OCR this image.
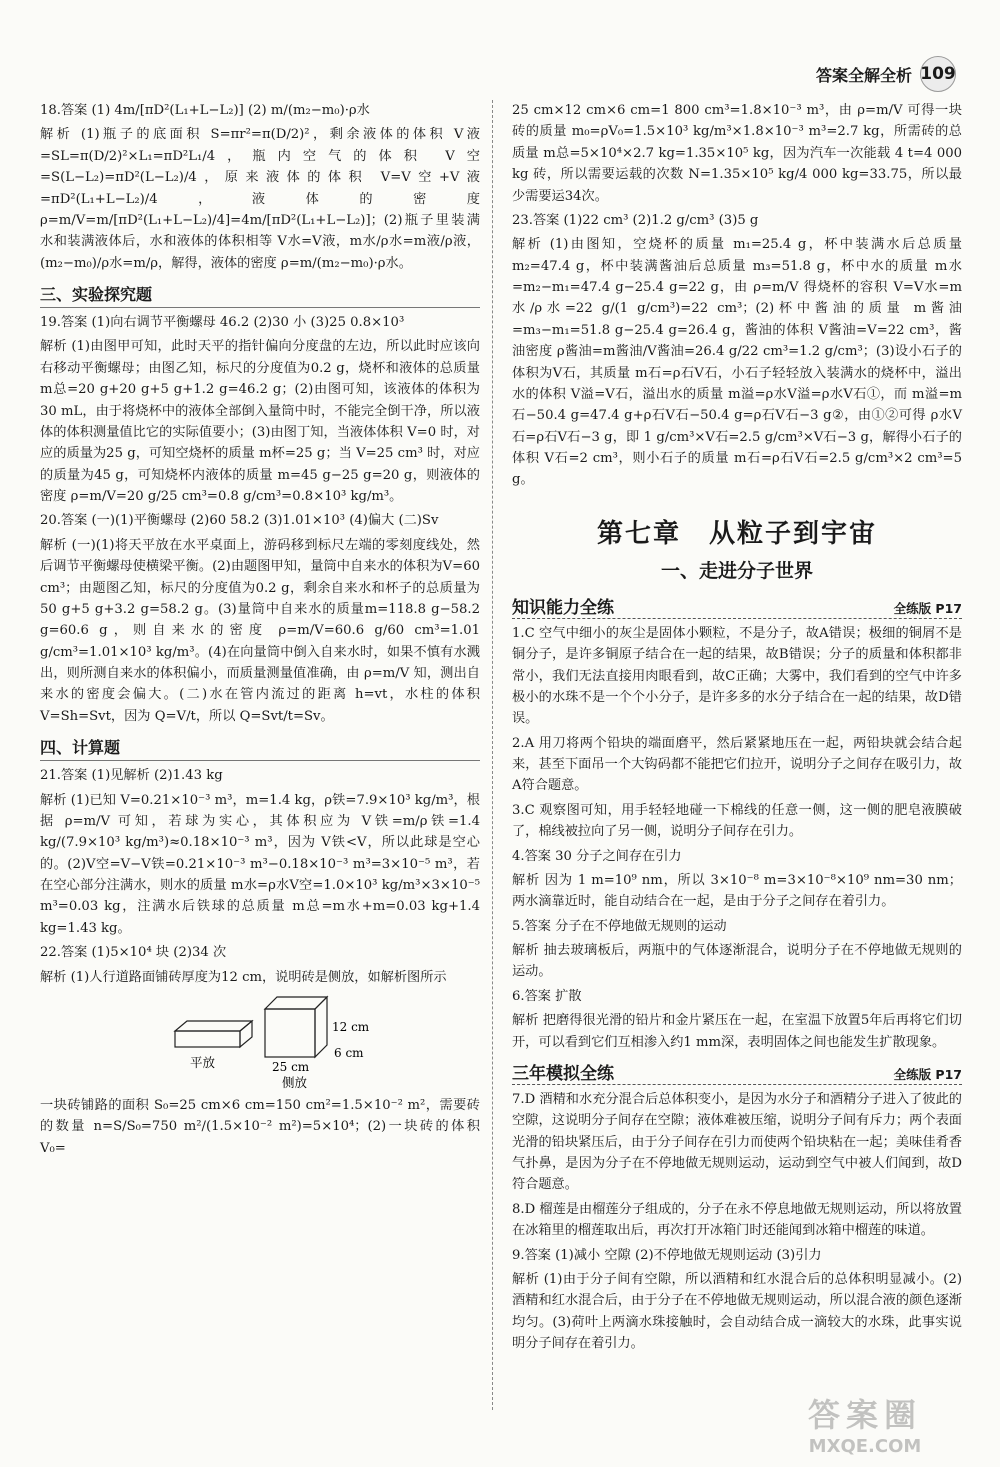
答案全解全析 109

18.答案 (1) 4m/[πD²(L₁+L−L₂)] (2) m/(m₂−m₀)·ρ水

解析 (1)瓶子的底面积 S=πr²=π(D/2)²，剩余液体的体积 V液=SL=π(D/2)²×L₁=πD²L₁/4，瓶内空气的体积 V空=S(L−L₂)=πD²(L−L₂)/4，原来液体的体积 V=V空+V液=πD²(L₁+L−L₂)/4，液体的密度 ρ=m/V=m/[πD²(L₁+L−L₂)/4]=4m/[πD²(L₁+L−L₂)]；(2)瓶子里装满水和装满液体后，水和液体的体积相等 V水=V液，m水/ρ水=m液/ρ液，(m₂−m₀)/ρ水=m/ρ，解得，液体的密度 ρ=m/(m₂−m₀)·ρ水。

三、实验探究题

19.答案 (1)向右调节平衡螺母 46.2 (2)30 小 (3)25 0.8×10³

解析 (1)由图甲可知，此时天平的指针偏向分度盘的左边，所以此时应该向右移动平衡螺母；由图乙知，标尺的分度值为0.2 g，烧杯和液体的总质量 m总=20 g+20 g+5 g+1.2 g=46.2 g；(2)由图可知，该液体的体积为30 mL，由于将烧杯中的液体全部倒入量筒中时，不能完全倒干净，所以液体的体积测量值比它的实际值要小；(3)由图丁知，当液体体积 V=0 时，对应的质量为25 g，可知空烧杯的质量 m杯=25 g；当 V=25 cm³ 时，对应的质量为45 g，可知烧杯内液体的质量 m=45 g−25 g=20 g，则液体的密度 ρ=m/V=20 g/25 cm³=0.8 g/cm³=0.8×10³ kg/m³。

20.答案 (一)(1)平衡螺母 (2)60 58.2 (3)1.01×10³ (4)偏大 (二)Sv

解析 (一)(1)将天平放在水平桌面上，游码移到标尺左端的零刻度线处，然后调节平衡螺母使横梁平衡。(2)由题图甲知，量筒中自来水的体积为V=60 cm³；由题图乙知，标尺的分度值为0.2 g，剩余自来水和杯子的总质量为50 g+5 g+3.2 g=58.2 g。(3)量筒中自来水的质量m=118.8 g−58.2 g=60.6 g，则自来水的密度 ρ=m/V=60.6 g/60 cm³=1.01 g/cm³=1.01×10³ kg/m³。(4)在向量筒中倒入自来水时，如果不慎有水溅出，则所测自来水的体积偏小，而质量测量值准确，由 ρ=m/V 知，测出自来水的密度会偏大。(二)水在管内流过的距离 h=vt，水柱的体积 V=Sh=Svt，因为 Q=V/t，所以 Q=Svt/t=Sv。

四、计算题

21.答案 (1)见解析 (2)1.43 kg

解析 (1)已知 V=0.21×10⁻³ m³，m=1.4 kg，ρ铁=7.9×10³ kg/m³，根据 ρ=m/V 可知，若球为实心，其体积应为 V铁=m/ρ铁=1.4 kg/(7.9×10³ kg/m³)≈0.18×10⁻³ m³，因为 V铁<V，所以此球是空心的。(2)V空=V−V铁=0.21×10⁻³ m³−0.18×10⁻³ m³=3×10⁻⁵ m³，若在空心部分注满水，则水的质量 m水=ρ水V空=1.0×10³ kg/m³×3×10⁻⁵ m³=0.03 kg，注满水后铁球的总质量 m总=m水+m=0.03 kg+1.4 kg=1.43 kg。

22.答案 (1)5×10⁴ 块 (2)34 次

解析 (1)人行道路面铺砖厚度为12 cm，说明砖是侧放，如解析图所示

12 cm
6 cm
25 cm
平放
侧放

一块砖铺路的面积 S₀=25 cm×6 cm=150 cm²=1.5×10⁻² m²，需要砖的数量 n=S/S₀=750 m²/(1.5×10⁻² m²)=5×10⁴；(2)一块砖的体积 V₀=

25 cm×12 cm×6 cm=1 800 cm³=1.8×10⁻³ m³，由 ρ=m/V 可得一块砖的质量 m₀=ρV₀=1.5×10³ kg/m³×1.8×10⁻³ m³=2.7 kg，所需砖的总质量 m总=5×10⁴×2.7 kg=1.35×10⁵ kg，因为汽车一次能载 4 t=4 000 kg 砖，所以需要运载的次数 N=1.35×10⁵ kg/4 000 kg=33.75，所以最少需要运34次。

23.答案 (1)22 cm³ (2)1.2 g/cm³ (3)5 g

解析 (1)由图知，空烧杯的质量 m₁=25.4 g，杯中装满水后总质量 m₂=47.4 g，杯中装满酱油后总质量 m₃=51.8 g，杯中水的质量 m水=m₂−m₁=47.4 g−25.4 g=22 g，由 ρ=m/V 得烧杯的容积 V=V水=m水/ρ水=22 g/(1 g/cm³)=22 cm³；(2)杯中酱油的质量 m酱油=m₃−m₁=51.8 g−25.4 g=26.4 g，酱油的体积 V酱油=V=22 cm³，酱油密度 ρ酱油=m酱油/V酱油=26.4 g/22 cm³=1.2 g/cm³；(3)设小石子的体积为V石，其质量 m石=ρ石V石，小石子轻轻放入装满水的烧杯中，溢出水的体积 V溢=V石，溢出水的质量 m溢=ρ水V溢=ρ水V石①，而 m溢=m石−50.4 g=47.4 g+ρ石V石−50.4 g=ρ石V石−3 g②，由①②可得 ρ水V石=ρ石V石−3 g，即 1 g/cm³×V石=2.5 g/cm³×V石−3 g，解得小石子的体积 V石=2 cm³，则小石子的质量 m石=ρ石V石=2.5 g/cm³×2 cm³=5 g。

第七章　从粒子到宇宙
一、走进分子世界
知识能力全练	全练版 P17

1.C 空气中细小的灰尘是固体小颗粒，不是分子，故A错误；极细的铜屑不是铜分子，是许多铜原子结合在一起的结果，故B错误；分子的质量和体积都非常小，我们无法直接用肉眼看到，故C正确；大雾中，我们看到的空气中许多极小的水珠不是一个个小分子，是许多多的水分子结合在一起的结果，故D错误。

2.A 用刀将两个铅块的端面磨平，然后紧紧地压在一起，两铅块就会结合起来，甚至下面吊一个大钩码都不能把它们拉开，说明分子之间存在吸引力，故A符合题意。

3.C 观察图可知，用手轻轻地碰一下棉线的任意一侧，这一侧的肥皂液膜破了，棉线被拉向了另一侧，说明分子间存在引力。

4.答案 30 分子之间存在引力

解析 因为 1 m=10⁹ nm，所以 3×10⁻⁸ m=3×10⁻⁸×10⁹ nm=30 nm；两水滴靠近时，能自动结合在一起，是由于分子之间存在着引力。

5.答案 分子在不停地做无规则的运动

解析 抽去玻璃板后，两瓶中的气体逐渐混合，说明分子在不停地做无规则的运动。

6.答案 扩散

解析 把磨得很光滑的铅片和金片紧压在一起，在室温下放置5年后再将它们切开，可以看到它们互相渗入约1 mm深，表明固体之间也能发生扩散现象。

三年模拟全练	全练版 P17

7.D 酒精和水充分混合后总体积变小，是因为水分子和酒精分子进入了彼此的空隙，这说明分子间存在空隙；液体难被压缩，说明分子间有斥力；两个表面光滑的铅块紧压后，由于分子间存在引力而使两个铅块粘在一起；美味佳肴香气扑鼻，是因为分子在不停地做无规则运动，运动到空气中被人们闻到，故D符合题意。

8.D 榴莲是由榴莲分子组成的，分子在永不停息地做无规则运动，所以将放置在冰箱里的榴莲取出后，再次打开冰箱门时还能闻到冰箱中榴莲的味道。

9.答案 (1)减小 空隙 (2)不停地做无规则运动 (3)引力

解析 (1)由于分子间有空隙，所以酒精和红水混合后的总体积明显减小。(2)酒精和红水混合后，由于分子在不停地做无规则运动，所以混合液的颜色逐渐均匀。(3)荷叶上两滴水珠接触时，会自动结合成一滴较大的水珠，此事实说明分子间存在着引力。

答案圈
MXQE.COM
